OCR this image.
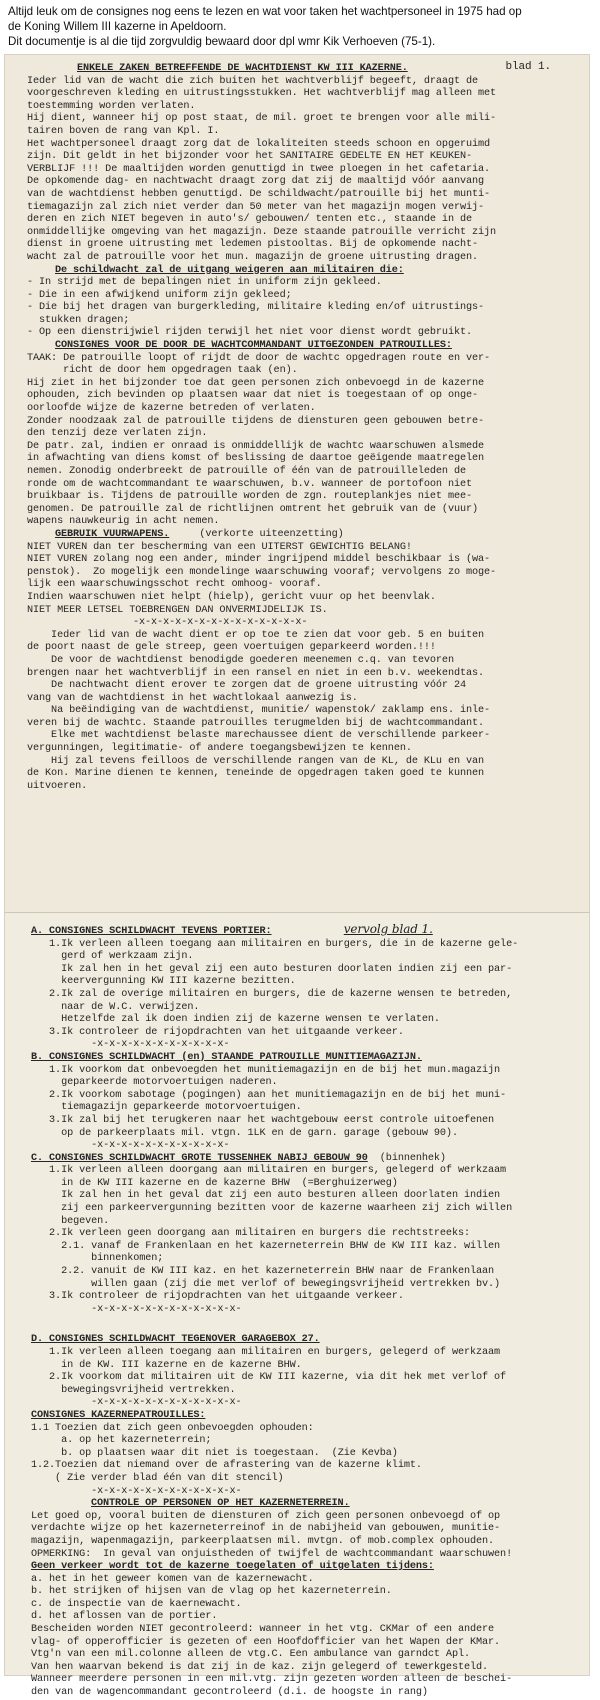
Altijd leuk om de consignes nog eens te lezen en wat voor taken het wachtpersoneel in 1975 had op
de Koning Willem III kazerne in Apeldoorn.
Dit documentje is al die tijd zorgvuldig bewaard door dpl wmr Kik Verhoeven (75-1).
blad 1.
ENKELE ZAKEN BETREFFENDE DE WACHTDIENST KW III KAZERNE.
Ieder lid van de wacht die zich buiten het wachtverblijf begeeft, draagt de
voorgeschreven kleding en uitrustingsstukken. Het wachtverblijf mag alleen met
toestemming worden verlaten.
Hij dient, wanneer hij op post staat, de mil. groet te brengen voor alle mili-
tairen boven de rang van Kpl. I.
Het wachtpersoneel draagt zorg dat de lokaliteiten steeds schoon en opgeruimd
zijn. Dit geldt in het bijzonder voor het SANITAIRE GEDELTE EN HET KEUKEN-
VERBLIJF !!! De maaltijden worden genuttigd in twee ploegen in het cafetaria.
De opkomende dag- en nachtwacht draagt zorg dat zij de maaltijd vóór aanvang
van de wachtdienst hebben genuttigd. De schildwacht/patrouille bij het munti-
tiemagazijn zal zich niet verder dan 50 meter van het magazijn mogen verwij-
deren en zich NIET begeven in auto's/ gebouwen/ tenten etc., staande in de
onmiddellijke omgeving van het magazijn. Deze staande patrouille verricht zijn
dienst in groene uitrusting met ledemen pistooltas. Bij de opkomende nacht-
wacht zal de patrouille voor het mun. magazijn de groene uitrusting dragen.
De schildwacht zal de uitgang weigeren aan militairen die:
- In strijd met de bepalingen niet in uniform zijn gekleed.
- Die in een afwijkend uniform zijn gekleed;
- Die bij het dragen van burgerkleding, militaire kleding en/of uitrustings-
stukken dragen;
- Op een dienstrijwiel rijden terwijl het niet voor dienst wordt gebruikt.
CONSIGNES VOOR DE DOOR DE WACHTCOMMANDANT UITGEZONDEN PATROUILLES:
TAAK: De patrouille loopt of rijdt de door de wachtc opgedragen route en ver-
richt de door hem opgedragen taak (en).
Hij ziet in het bijzonder toe dat geen personen zich onbevoegd in de kazerne
ophouden, zich bevinden op plaatsen waar dat niet is toegestaan of op onge-
oorloofde wijze de kazerne betreden of verlaten.
Zonder noodzaak zal de patrouille tijdens de diensturen geen gebouwen betre-
den tenzij deze verlaten zijn.
De patr. zal, indien er onraad is onmiddellijk de wachtc waarschuwen alsmede
in afwachting van diens komst of beslissing de daartoe geëigende maatregelen
nemen. Zonodig onderbreekt de patrouille of één van de patrouilleleden de
ronde om de wachtcommandant te waarschuwen, b.v. wanneer de portofoon niet
bruikbaar is. Tijdens de patrouille worden de zgn. routeplankjes niet mee-
genomen. De patrouille zal de richtlijnen omtrent het gebruik van de (vuur)
wapens nauwkeurig in acht nemen.
GEBRUIK VUURWAPENS.	(verkorte uiteenzetting)
NIET VUREN dan ter bescherming van een UITERST GEWICHTIG BELANG!
NIET VUREN zolang nog een ander, minder ingrijpend middel beschikbaar is (wa-
penstok).  Zo mogelijk een mondelinge waarschuwing vooraf; vervolgens zo moge-
lijk een waarschuwingsschot recht omhoog- vooraf.
Indien waarschuwen niet helpt (hielp), gericht vuur op het beenvlak.
NIET MEER LETSEL TOEBRENGEN DAN ONVERMIJDELIJK IS.
-x-x-x-x-x-x-x-x-x-x-x-x-x-x-
Ieder lid van de wacht dient er op toe te zien dat voor geb. 5 en buiten
de poort naast de gele streep, geen voertuigen geparkeerd worden.!!!
De voor de wachtdienst benodigde goederen meenemen c.q. van tevoren
brengen naar het wachtverblijf in een ransel en niet in een b.v. weekendtas.
De nachtwacht dient erover te zorgen dat de groene uitrusting vóór 24
vang van de wachtdienst in het wachtlokaal aanwezig is.
Na beëindiging van de wachtdienst, munitie/ wapenstok/ zaklamp ens. inle-
veren bij de wachtc. Staande patrouilles terugmelden bij de wachtcommandant.
Elke met wachtdienst belaste marechaussee dient de verschillende parkeer-
vergunningen, legitimatie- of andere toegangsbewijzen te kennen.
Hij zal tevens feilloos de verschillende rangen van de KL, de KLu en van
de Kon. Marine dienen te kennen, teneinde de opgedragen taken goed te kunnen
uitvoeren.
A. CONSIGNES SCHILDWACHT TEVENS PORTIER:	vervolg blad 1.
1.Ik verleen alleen toegang aan militairen en burgers, die in de kazerne gele-
gerd of werkzaam zijn.
Ik zal hen in het geval zij een auto besturen doorlaten indien zij een par-
keervergunning KW III kazerne bezitten.
2.Ik zal de overige militairen en burgers, die de kazerne wensen te betreden,
naar de W.C. verwijzen.
Hetzelfde zal ik doen indien zij de kazerne wensen te verlaten.
3.Ik controleer de rijopdrachten van het uitgaande verkeer.
-x-x-x-x-x-x-x-x-x-x-x-
B. CONSIGNES SCHILDWACHT (en) STAANDE PATROUILLE MUNITIEMAGAZIJN.
1.Ik voorkom dat onbevoegden het munitiemagazijn en de bij het mun.magazijn
geparkeerde motorvoertuigen naderen.
2.Ik voorkom sabotage (pogingen) aan het munitiemagazijn en de bij het muni-
tiemagazijn geparkeerde motorvoertuigen.
3.Ik zal bij het terugkeren naar het wachtgebouw eerst controle uitoefenen
op de parkeerplaats mil. vtgn. 1LK en de garn. garage (gebouw 90).
-x-x-x-x-x-x-x-x-x-x-x-
C. CONSIGNES SCHILDWACHT GROTE TUSSENHEK NABIJ GEBOUW 90 (binnenhek)
1.Ik verleen alleen doorgang aan militairen en burgers, gelegerd of werkzaam
in de KW III kazerne en de kazerne BHW  (=Berghuizerweg)
Ik zal hen in het geval dat zij een auto besturen alleen doorlaten indien
zij een parkeervergunning bezitten voor de kazerne waarheen zij zich willen
begeven.
2.Ik verleen geen doorgang aan militairen en burgers die rechtstreeks:
2.1. vanaf de Frankenlaan en het kazerneterrein BHW de KW III kaz. willen
binnenkomen;
2.2. vanuit de KW III kaz. en het kazerneterrein BHW naar de Frankenlaan
willen gaan (zij die met verlof of bewegingsvrijheid vertrekken bv.)
3.Ik controleer de rijopdrachten van het uitgaande verkeer.
-x-x-x-x-x-x-x-x-x-x-x-x-
D. CONSIGNES SCHILDWACHT TEGENOVER GARAGEBOX 27.
1.Ik verleen alleen toegang aan militairen en burgers, gelegerd of werkzaam
in de KW. III kazerne en de kazerne BHW.
2.Ik voorkom dat militairen uit de KW III kazerne, via dit hek met verlof of
bewegingsvrijheid vertrekken.
-x-x-x-x-x-x-x-x-x-x-x-x-
CONSIGNES KAZERNEPATROUILLES:
1.1 Toezien dat zich geen onbevoegden ophouden:
a. op het kazerneterrein;
b. op plaatsen waar dit niet is toegestaan.  (Zie Kevba)
1.2.Toezien dat niemand over de afrastering van de kazerne klimt.
( Zie verder blad één van dit stencil)
-x-x-x-x-x-x-x-x-x-x-x-x-
CONTROLE OP PERSONEN OP HET KAZERNETERREIN.
Let goed op, vooral buiten de diensturen of zich geen personen onbevoegd of op
verdachte wijze op het kazerneterreinof in de nabijheid van gebouwen, munitie-
magazijn, wapenmagazijn, parkeerplaatsen mil. mvtgn. of mob.complex ophouden.
OPMERKING:  In geval van onjuistheden of twijfel de wachtcommandant waarschuwen!
Geen verkeer wordt tot de kazerne toegelaten of uitgelaten tijdens:
a. het in het geweer komen van de kazernewacht.
b. het strijken of hijsen van de vlag op het kazerneterrein.
c. de inspectie van de kaernewacht.
d. het aflossen van de portier.
Bescheiden worden NIET gecontroleerd: wanneer in het vtg. CKMar of een andere
vlag- of opperofficier is gezeten of een Hoofdofficier van het Wapen der KMar.
Vtg'n van een mil.colonne alleen de vtg.C. Een ambulance van garndct Apl.
Van hen waarvan bekend is dat zij in de kaz. zijn gelegerd of tewerkgesteld.
Wanneer meerdere personen in een mil.vtg. zijn gezeten worden alleen de beschei-
den van de wagencommandant gecontroleerd (d.i. de hoogste in rang)
